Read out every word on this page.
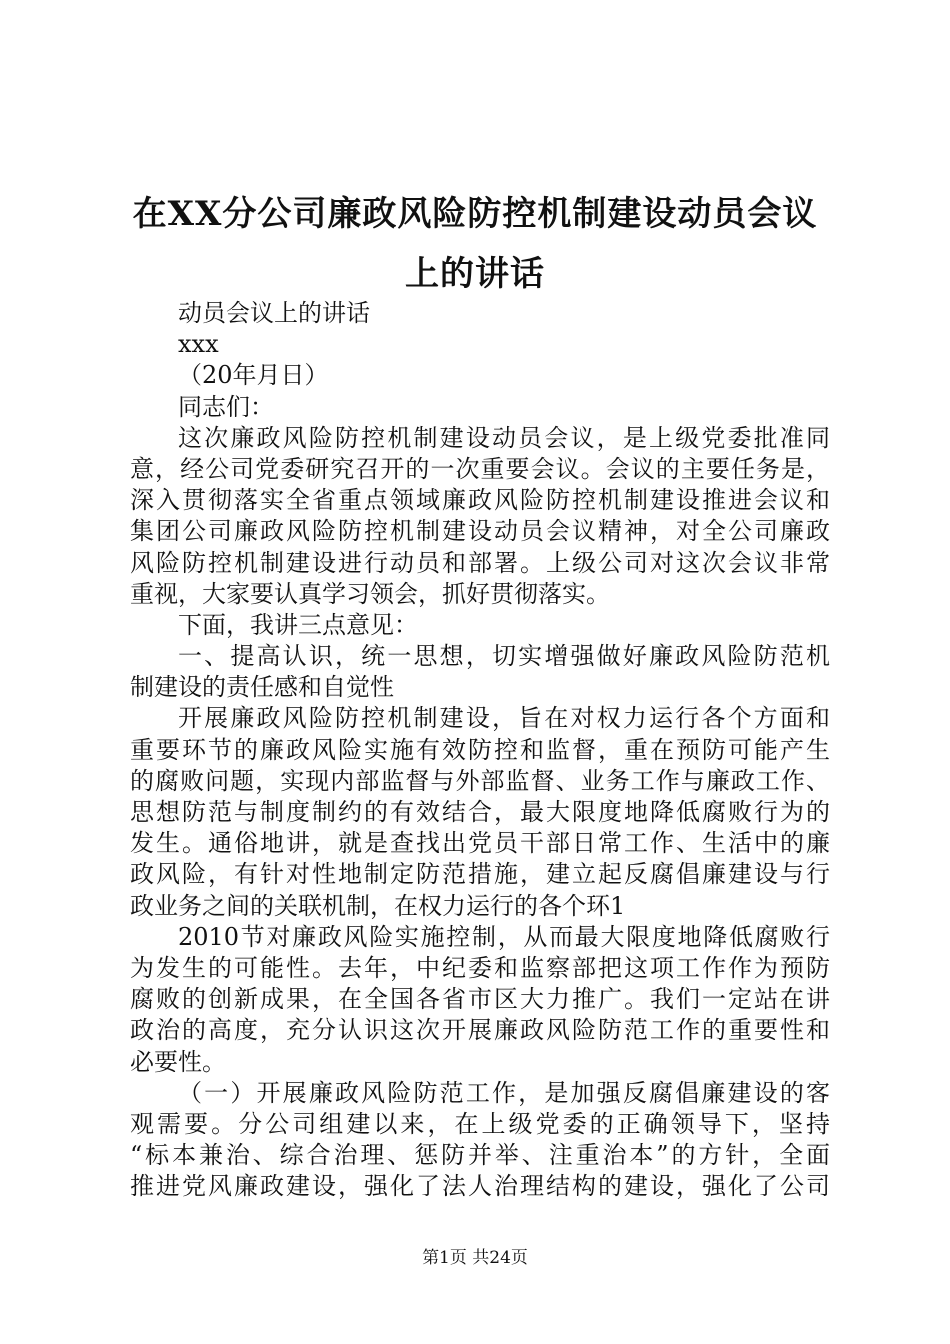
在XX分公司廉政风险防控机制建设动员会议
上的讲话
动员会议上的讲话
xxx
（20年月日）
同志们：
这次廉政风险防控机制建设动员会议，是上级党委批准同
意，经公司党委研究召开的一次重要会议。会议的主要任务是，
深入贯彻落实全省重点领域廉政风险防控机制建设推进会议和
集团公司廉政风险防控机制建设动员会议精神，对全公司廉政
风险防控机制建设进行动员和部署。上级公司对这次会议非常
重视，大家要认真学习领会，抓好贯彻落实。
下面，我讲三点意见：
一、提高认识，统一思想，切实增强做好廉政风险防范机
制建设的责任感和自觉性
开展廉政风险防控机制建设，旨在对权力运行各个方面和
重要环节的廉政风险实施有效防控和监督，重在预防可能产生
的腐败问题，实现内部监督与外部监督、业务工作与廉政工作、
思想防范与制度制约的有效结合，最大限度地降低腐败行为的
发生。通俗地讲，就是查找出党员干部日常工作、生活中的廉
政风险，有针对性地制定防范措施，建立起反腐倡廉建设与行
政业务之间的关联机制，在权力运行的各个环1
2010节对廉政风险实施控制，从而最大限度地降低腐败行
为发生的可能性。去年，中纪委和监察部把这项工作作为预防
腐败的创新成果，在全国各省市区大力推广。我们一定站在讲
政治的高度，充分认识这次开展廉政风险防范工作的重要性和
必要性。
（一）开展廉政风险防范工作，是加强反腐倡廉建设的客
观需要。分公司组建以来，在上级党委的正确领导下，坚持
“标本兼治、综合治理、惩防并举、注重治本”的方针，全面
推进党风廉政建设，强化了法人治理结构的建设，强化了公司
第1页 共24页
